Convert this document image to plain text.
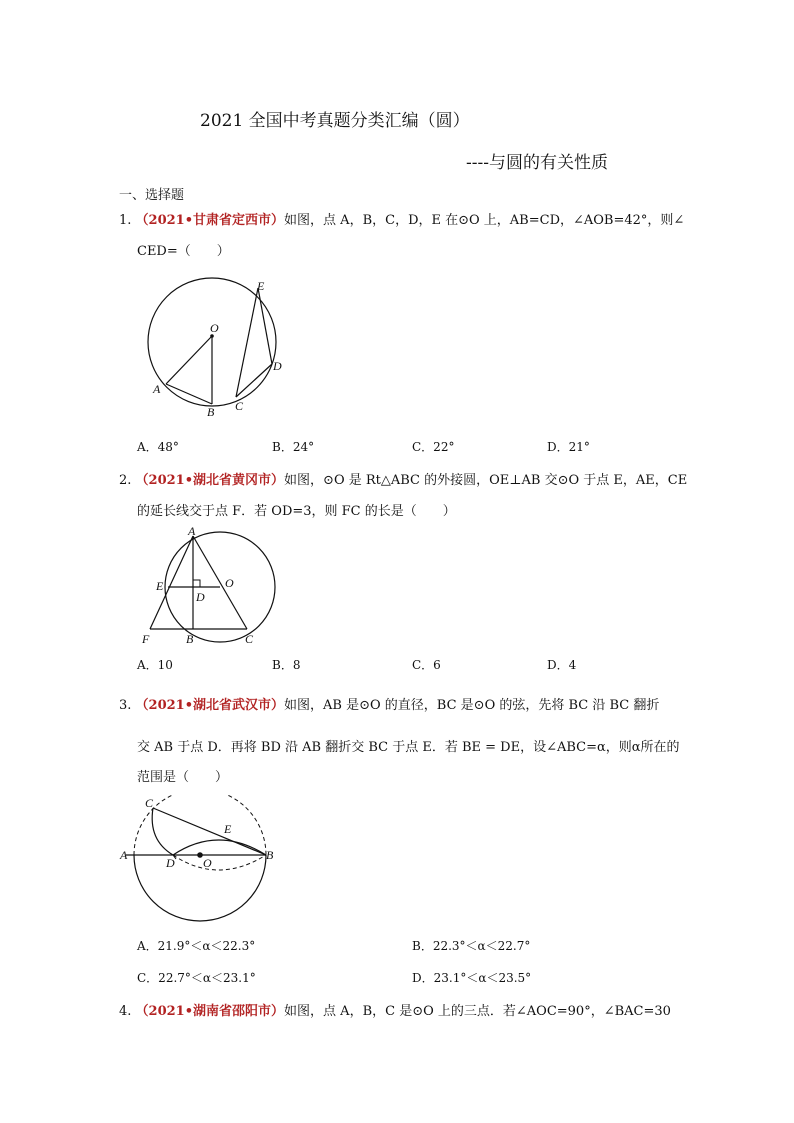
2021 全国中考真题分类汇编（圆）
----与圆的有关性质
一、选择题
1. （2021•甘肃省定西市）如图，点 A，B，C，D，E 在⊙O 上，AB=CD，∠AOB=42°，则∠
CED=（　　）
O
A
B C
D
E
A．48°	B．24°	C．22°	D．21°
2. （2021•湖北省黄冈市）如图，⊙O 是 Rt△ABC 的外接圆，OE⊥AB 交⊙O 于点 E，AE，CE
的延长线交于点 F．若 OD=3，则 FC 的长是（　　）
A
E
D
O
F	B	C
A．10	B．8	C．6	D．4
3. （2021•湖北省武汉市）如图，AB 是⊙O 的直径，BC 是⊙O 的弦，先将 BC 沿 BC 翻折
交 AB 于点 D．再将 BD 沿 AB 翻折交 BC 于点 E．若 BE = DE，设∠ABC=α，则α所在的
范围是（　　）
C
E
A
D O
B
A．21.9°＜α＜22.3°	B．22.3°＜α＜22.7°
C．22.7°＜α＜23.1°	D．23.1°＜α＜23.5°
4. （2021•湖南省邵阳市）如图，点 A，B，C 是⊙O 上的三点．若∠AOC=90°，∠BAC=30
